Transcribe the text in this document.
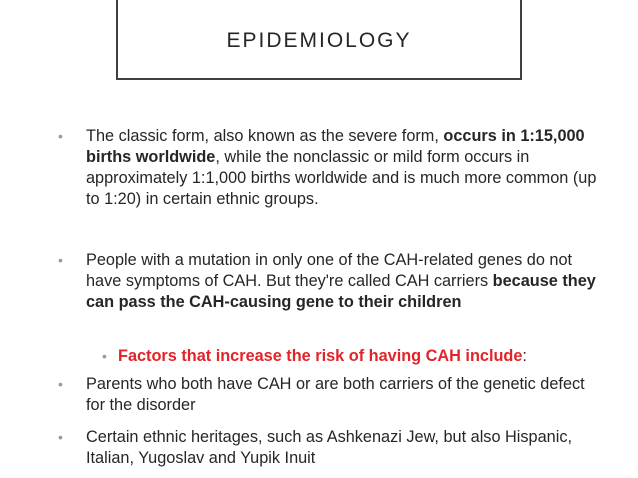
EPIDEMIOLOGY
•	The classic form, also known as the severe form, occurs in 1:15,000 births worldwide, while the nonclassic or mild form occurs in approximately 1:1,000 births worldwide and is much more common (up to 1:20) in certain ethnic groups.
•	People with a mutation in only one of the CAH-related genes do not have symptoms of CAH. But they're called CAH carriers because they can pass the CAH-causing gene to their children
• Factors that increase the risk of having CAH include:
•	Parents who both have CAH or are both carriers of the genetic defect for the disorder
•	Certain ethnic heritages, such as Ashkenazi Jew, but also Hispanic, Italian, Yugoslav and Yupik Inuit
